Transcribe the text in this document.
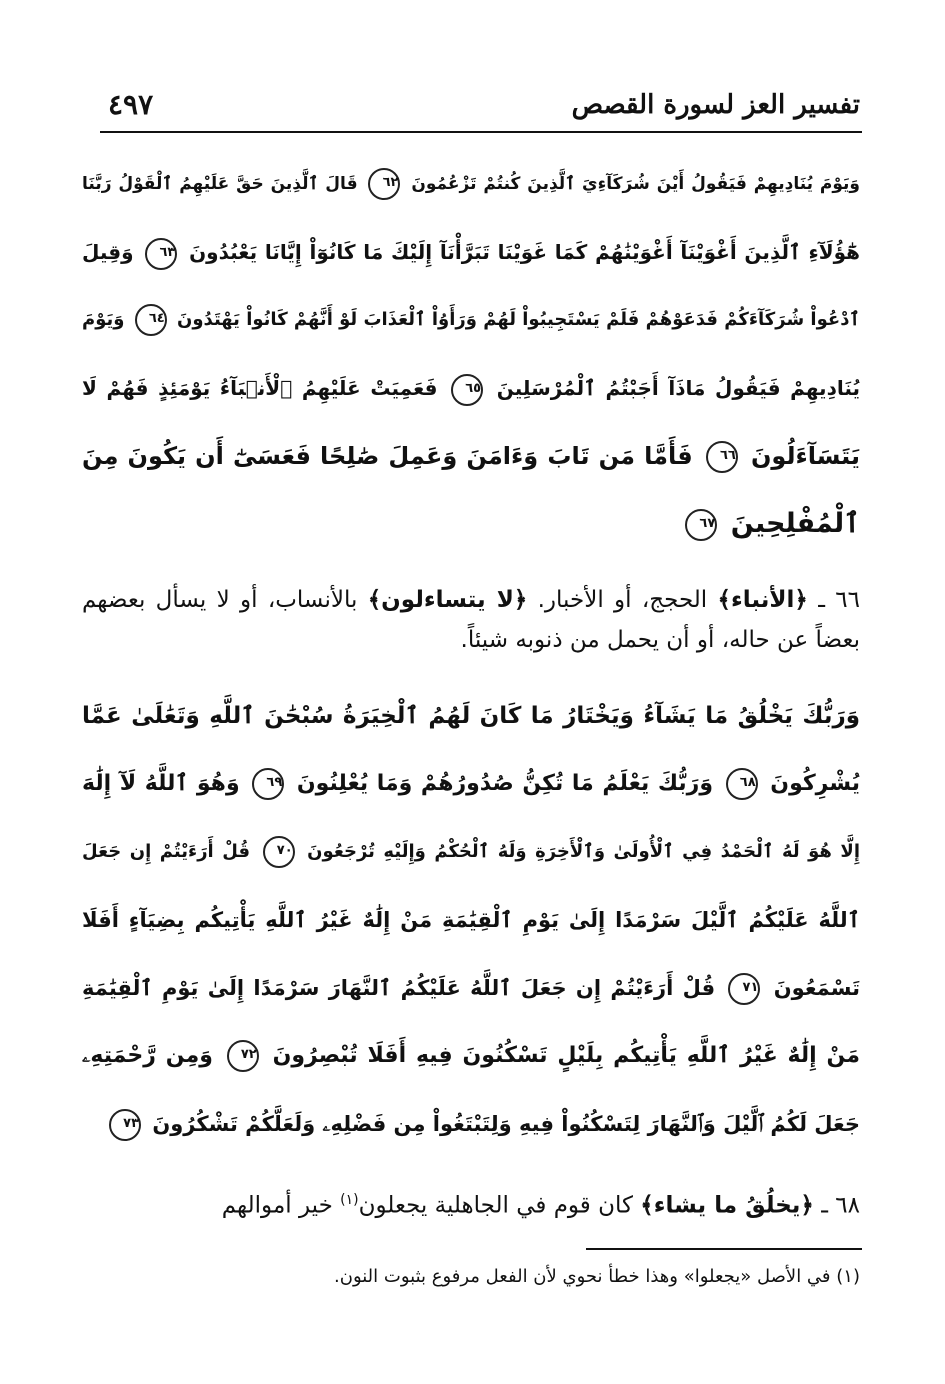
تفسير العز لسورة القصص
٤٩٧
وَيَوْمَ يُنَادِيهِمْ فَيَقُولُ أَيْنَ شُرَكَآءِيَ ٱلَّذِينَ كُنتُمْ تَزْعُمُونَ ٦٢ قَالَ ٱلَّذِينَ حَقَّ عَلَيْهِمُ ٱلْقَوْلُ رَبَّنَا
هَٰٓؤُلَآءِ ٱلَّذِينَ أَغْوَيْنَآ أَغْوَيْنَٰهُمْ كَمَا غَوَيْنَا تَبَرَّأْنَآ إِلَيْكَ مَا كَانُوٓاْ إِيَّانَا يَعْبُدُونَ ٦٣ وَقِيلَ
ٱدْعُواْ شُرَكَآءَكُمْ فَدَعَوْهُمْ فَلَمْ يَسْتَجِيبُواْ لَهُمْ وَرَأَوُاْ ٱلْعَذَابَ لَوْ أَنَّهُمْ كَانُواْ يَهْتَدُونَ ٦٤ وَيَوْمَ
يُنَادِيهِمْ فَيَقُولُ مَاذَآ أَجَبْتُمُ ٱلْمُرْسَلِينَ ٦٥ فَعَمِيَتْ عَلَيْهِمُ ٱلْأَنۢبَآءُ يَوْمَئِذٍ فَهُمْ لَا
يَتَسَآءَلُونَ ٦٦ فَأَمَّا مَن تَابَ وَءَامَنَ وَعَمِلَ صَٰلِحًا فَعَسَىٰٓ أَن يَكُونَ مِنَ
ٱلْمُفْلِحِينَ ٦٧

٦٦ ـ ﴿الأنباء﴾ الحجج، أو الأخبار. ﴿لا يتساءلون﴾ بالأنساب، أو لا يسأل بعضهم بعضاً عن حاله، أو أن يحمل من ذنوبه شيئاً.

وَرَبُّكَ يَخْلُقُ مَا يَشَآءُ وَيَخْتَارُ مَا كَانَ لَهُمُ ٱلْخِيَرَةُ سُبْحَٰنَ ٱللَّهِ وَتَعَٰلَىٰ عَمَّا
يُشْرِكُونَ ٦٨ وَرَبُّكَ يَعْلَمُ مَا تُكِنُّ صُدُورُهُمْ وَمَا يُعْلِنُونَ ٦٩ وَهُوَ ٱللَّهُ لَآ إِلَٰهَ
إِلَّا هُوَ لَهُ ٱلْحَمْدُ فِي ٱلْأُولَىٰ وَٱلْأَخِرَةِ وَلَهُ ٱلْحُكْمُ وَإِلَيْهِ تُرْجَعُونَ ٧٠ قُلْ أَرَءَيْتُمْ إِن جَعَلَ
ٱللَّهُ عَلَيْكُمُ ٱلَّيْلَ سَرْمَدًا إِلَىٰ يَوْمِ ٱلْقِيَٰمَةِ مَنْ إِلَٰهٌ غَيْرُ ٱللَّهِ يَأْتِيكُم بِضِيَآءٍ أَفَلَا
تَسْمَعُونَ ٧١ قُلْ أَرَءَيْتُمْ إِن جَعَلَ ٱللَّهُ عَلَيْكُمُ ٱلنَّهَارَ سَرْمَدًا إِلَىٰ يَوْمِ ٱلْقِيَٰمَةِ
مَنْ إِلَٰهٌ غَيْرُ ٱللَّهِ يَأْتِيكُم بِلَيْلٍ تَسْكُنُونَ فِيهِ أَفَلَا تُبْصِرُونَ ٧٢ وَمِن رَّحْمَتِهِۦ
جَعَلَ لَكُمُ ٱلَّيْلَ وَٱلنَّهَارَ لِتَسْكُنُواْ فِيهِ وَلِتَبْتَغُواْ مِن فَضْلِهِۦ وَلَعَلَّكُمْ تَشْكُرُونَ ٧٣

٦٨ ـ ﴿يخلُقُ ما يشاء﴾ كان قوم في الجاهلية يجعلون$^{(١)}$ خير أموالهم

(١) في الأصل «يجعلوا» وهذا خطأ نحوي لأن الفعل مرفوع بثبوت النون.
